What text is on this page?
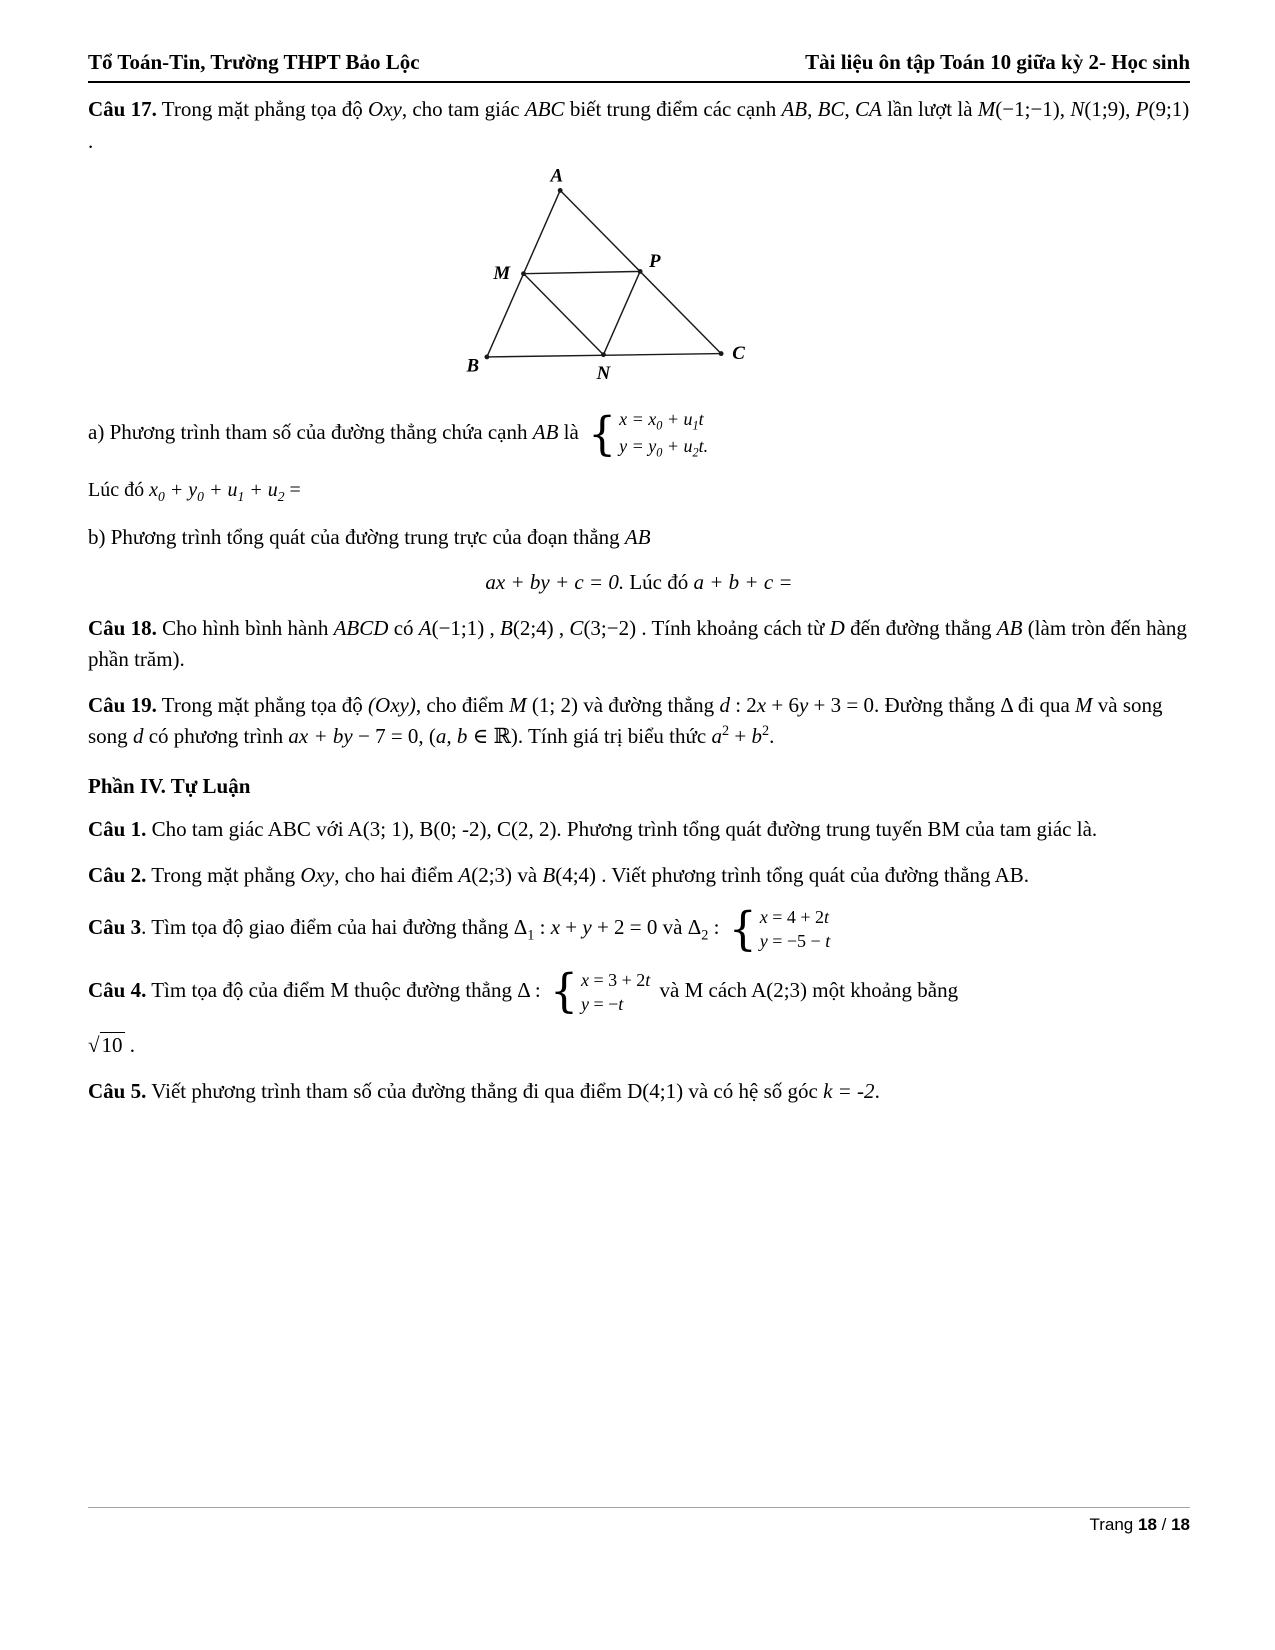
Tổ Toán-Tin, Trường THPT Bảo Lộc	Tài liệu ôn tập Toán 10 giữa kỳ 2- Học sinh

Câu 17. Trong mặt phẳng tọa độ Oxy, cho tam giác ABC biết trung điểm các cạnh AB, BC, CA lần lượt là M(−1;−1), N(1;9), P(9;1) .

A
M
P
B	N
C

a) Phương trình tham số của đường thẳng chứa cạnh AB là { $x = x_0 + u_1t$
$y = y_0 + u_2t$.

Lúc đó $x_0 + y_0 + u_1 + u_2$ =

b) Phương trình tổng quát của đường trung trực của đoạn thẳng AB

ax + by + c = 0. Lúc đó a + b + c =

Câu 18. Cho hình bình hành ABCD có A(−1;1) , B(2;4) , C(3;−2) . Tính khoảng cách từ D đến đường thẳng AB (làm tròn đến hàng phần trăm).

Câu 19. Trong mặt phẳng tọa độ (Oxy), cho điểm M (1; 2) và đường thẳng d : 2x + 6y + 3 = 0. Đường thẳng Δ đi qua M và song song d có phương trình ax + by − 7 = 0, (a, b ∈ ℝ). Tính giá trị biểu thức $a^2 + b^2$.

Phần IV. Tự Luận

Câu 1. Cho tam giác ABC với A(3; 1), B(0; -2), C(2, 2). Phương trình tổng quát đường trung tuyến BM của tam giác là.

Câu 2. Trong mặt phẳng Oxy, cho hai điểm A(2;3) và B(4;4) . Viết phương trình tổng quát của đường thẳng AB.

Câu 3. Tìm tọa độ giao điểm của hai đường thẳng $\Delta_1$ : x + y + 2 = 0 và $\Delta_2$ : { x = 4 + 2t
y = −5 − t

Câu 4. Tìm tọa độ của điểm M thuộc đường thẳng Δ : { x = 3 + 2t
y = −t
và M cách A(2;3) một khoảng bằng

√10 .

Câu 5. Viết phương trình tham số của đường thẳng đi qua điểm D(4;1) và có hệ số góc k = -2.

Trang 18 / 18
